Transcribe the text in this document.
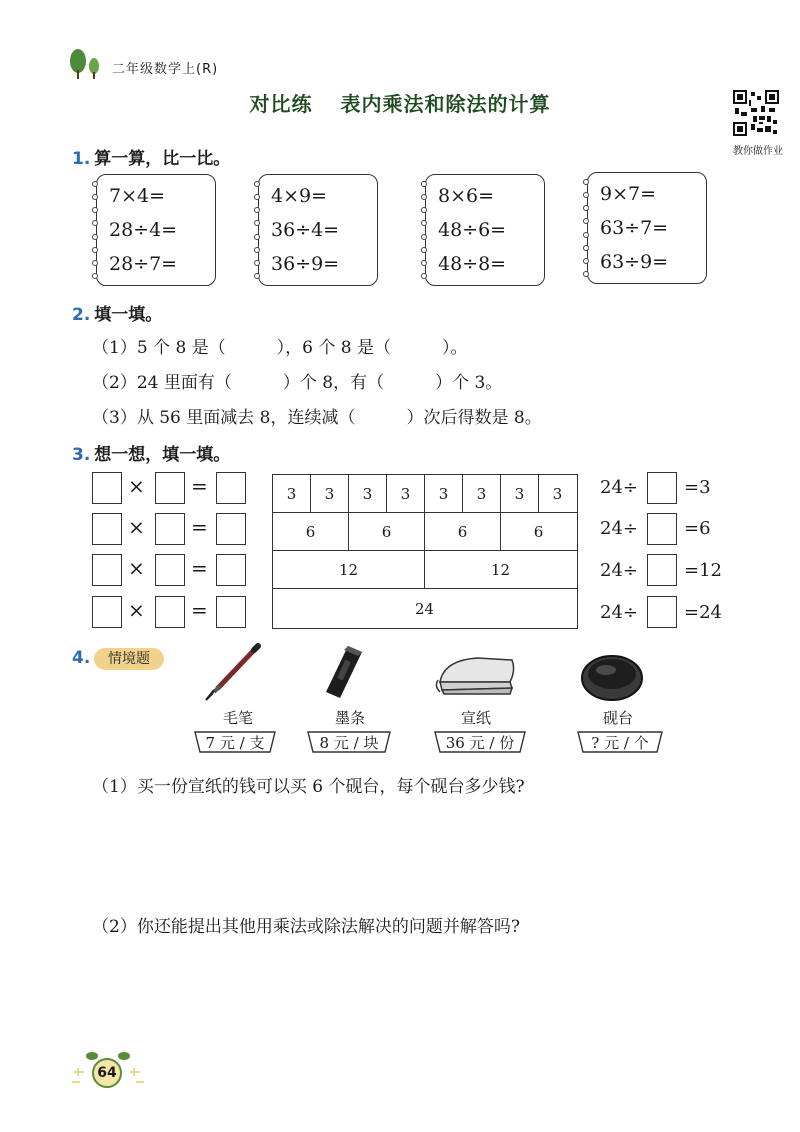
二年级数学上(R)
对比练 表内乘法和除法的计算
教你做作业
1. 算一算，比一比。
7×4=
28÷4=
28÷7=
4×9=
36÷4=
36÷9=
8×6=
48÷6=
48÷8=
9×7=
63÷7=
63÷9=
2. 填一填。
（1）5 个 8 是（　　　），6 个 8 是（　　　）。
（2）24 里面有（　　　）个 8，有（　　　）个 3。
（3）从 56 里面减去 8，连续减（　　　）次后得数是 8。
3. 想一想，填一填。
× =
× =
× =
× =
3	3	3	3	3	3	3	3
6	6	6	6
12	12
24
24÷	=3
24÷	=6
24÷	=12
24÷	=24
4.	情境题
毛笔	墨条	宣纸	砚台
7 元 / 支	8 元 / 块	36 元 / 份	? 元 / 个
（1）买一份宣纸的钱可以买 6 个砚台，每个砚台多少钱?
（2）你还能提出其他用乘法或除法解决的问题并解答吗?
64
